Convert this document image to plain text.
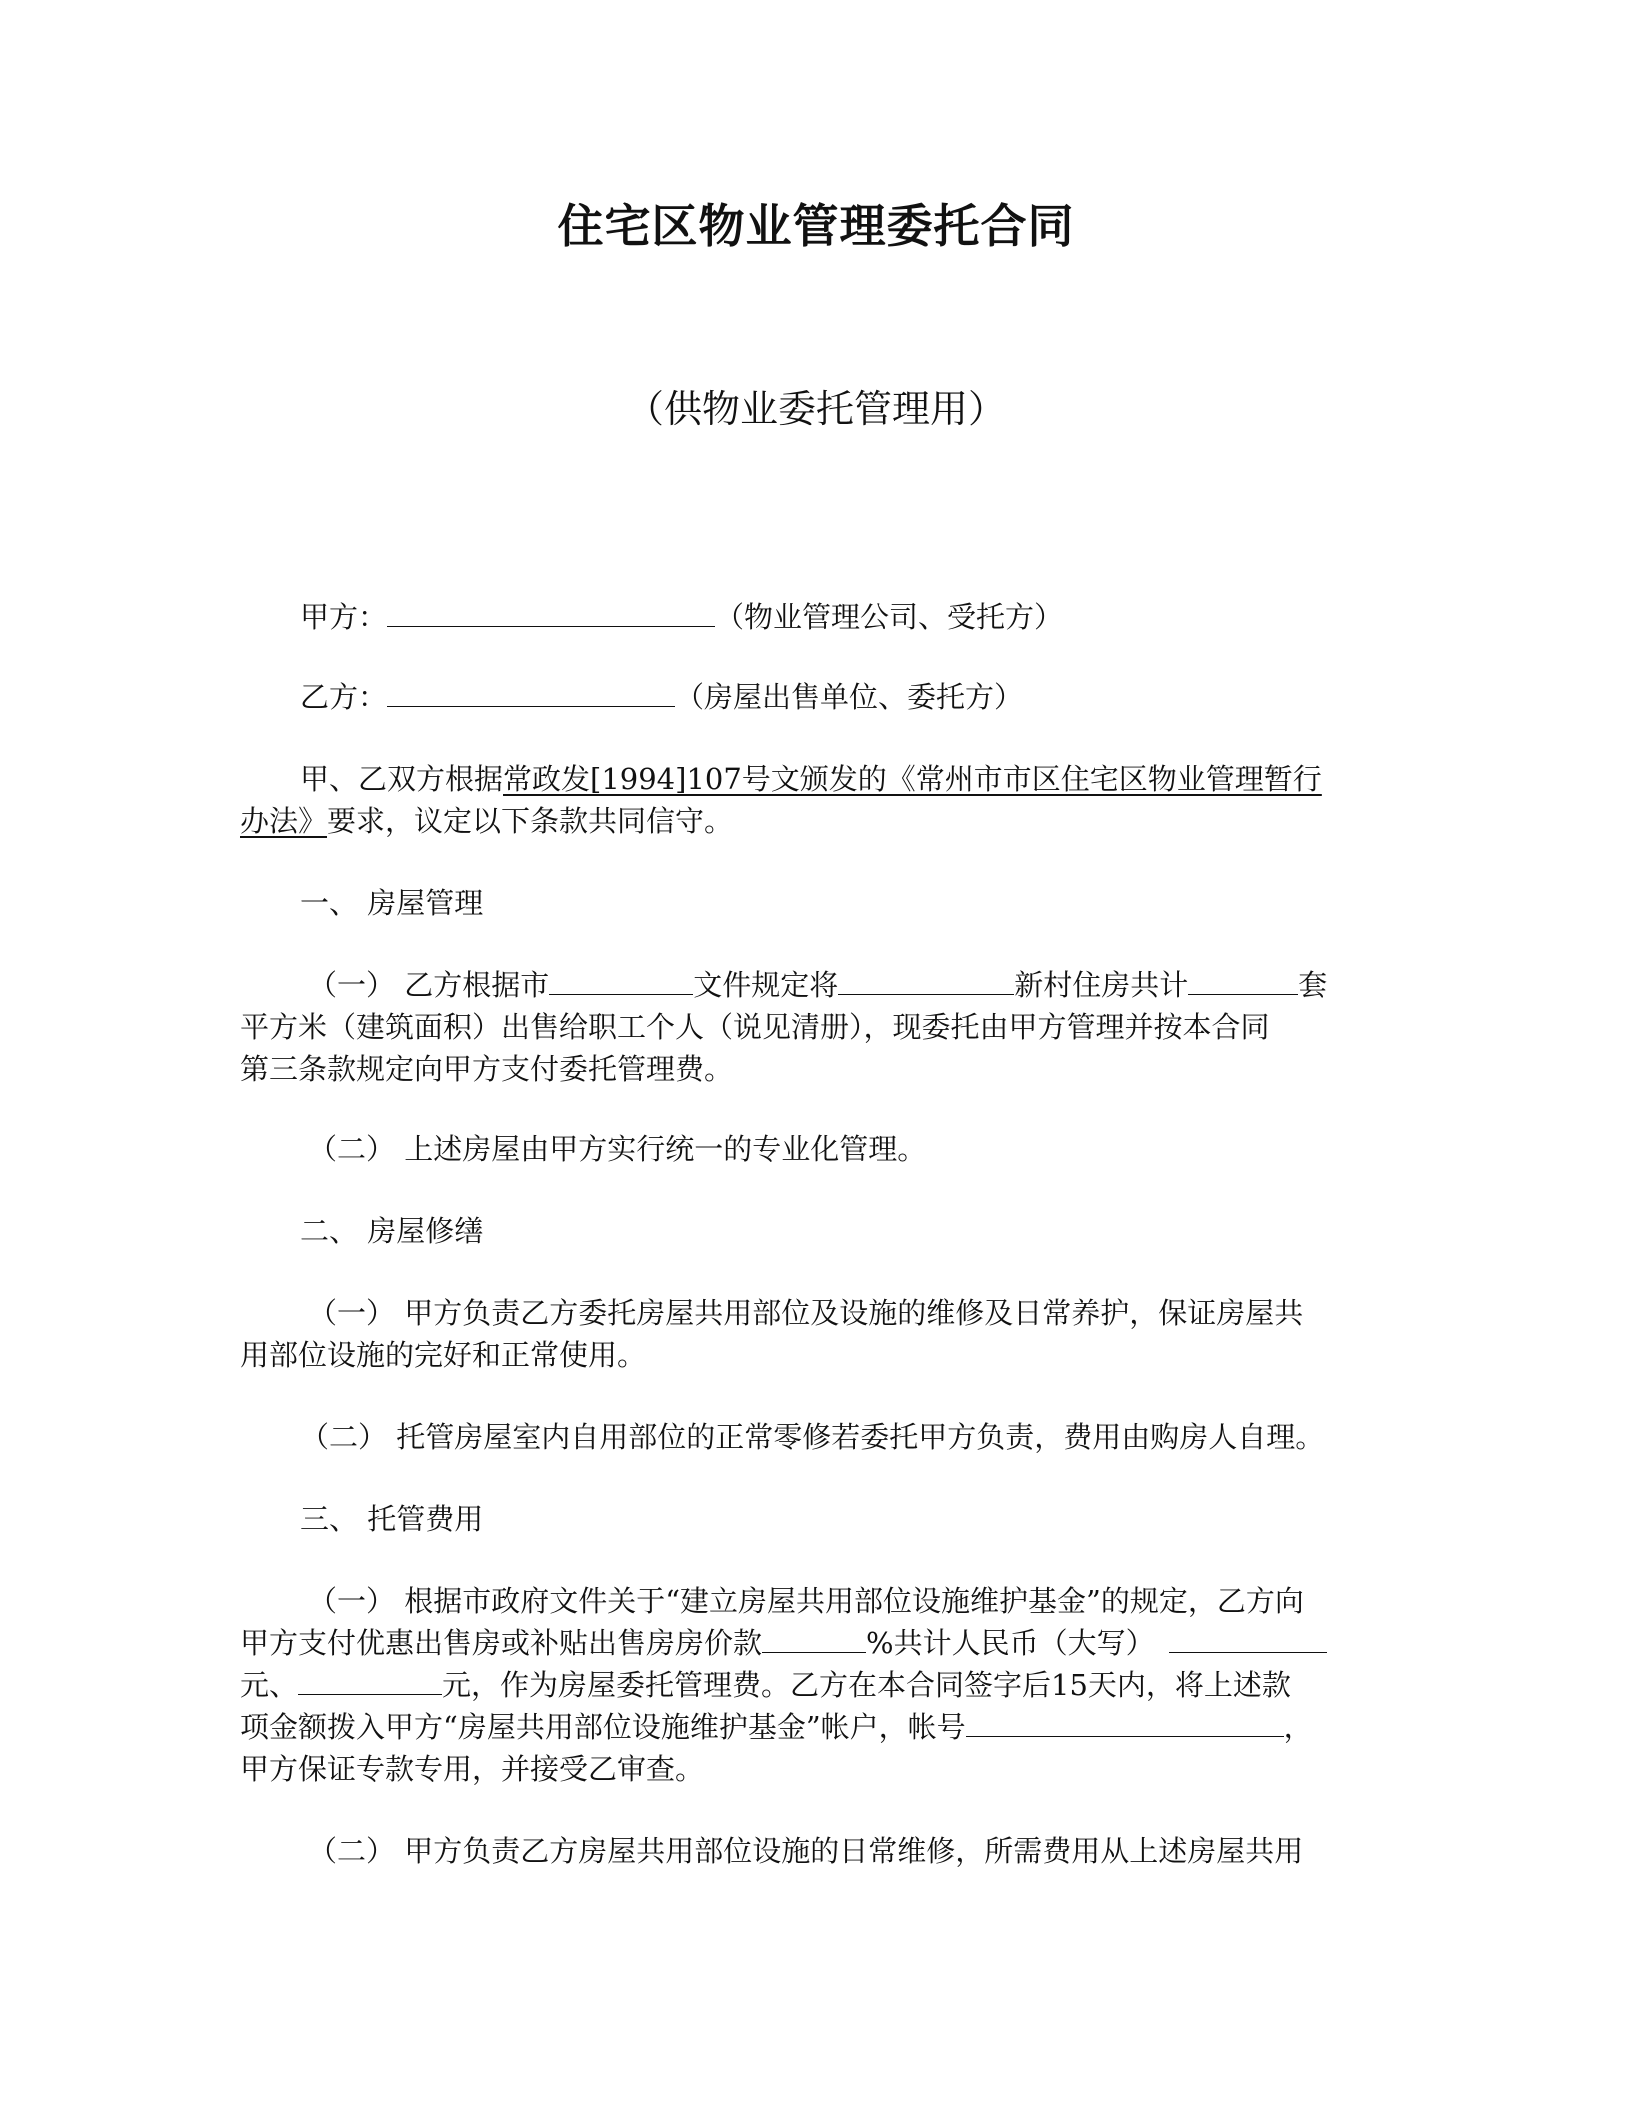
住宅区物业管理委托合同
（供物业委托管理用）
甲方：	（物业管理公司、受托方）
乙方：	（房屋出售单位、委托方）
甲、乙双方根据常政发[1994]107号文颁发的《常州市市区住宅区物业管理暂行
办法》要求，议定以下条款共同信守。
一、 房屋管理
（一） 乙方根据市	文件规定将	新村住房共计	套
平方米（建筑面积）出售给职工个人（说见清册），现委托由甲方管理并按本合同
第三条款规定向甲方支付委托管理费。
（二） 上述房屋由甲方实行统一的专业化管理。
二、 房屋修缮
（一） 甲方负责乙方委托房屋共用部位及设施的维修及日常养护，保证房屋共
用部位设施的完好和正常使用。
（二） 托管房屋室内自用部位的正常零修若委托甲方负责，费用由购房人自理。
三、 托管费用
（一） 根据市政府文件关于“建立房屋共用部位设施维护基金”的规定，乙方向
甲方支付优惠出售房或补贴出售房房价款	%共计人民币（大写）
元、	元，作为房屋委托管理费。乙方在本合同签字后15天内，将上述款
项金额拨入甲方“房屋共用部位设施维护基金”帐户，帐号	，
甲方保证专款专用，并接受乙审查。
（二） 甲方负责乙方房屋共用部位设施的日常维修，所需费用从上述房屋共用
